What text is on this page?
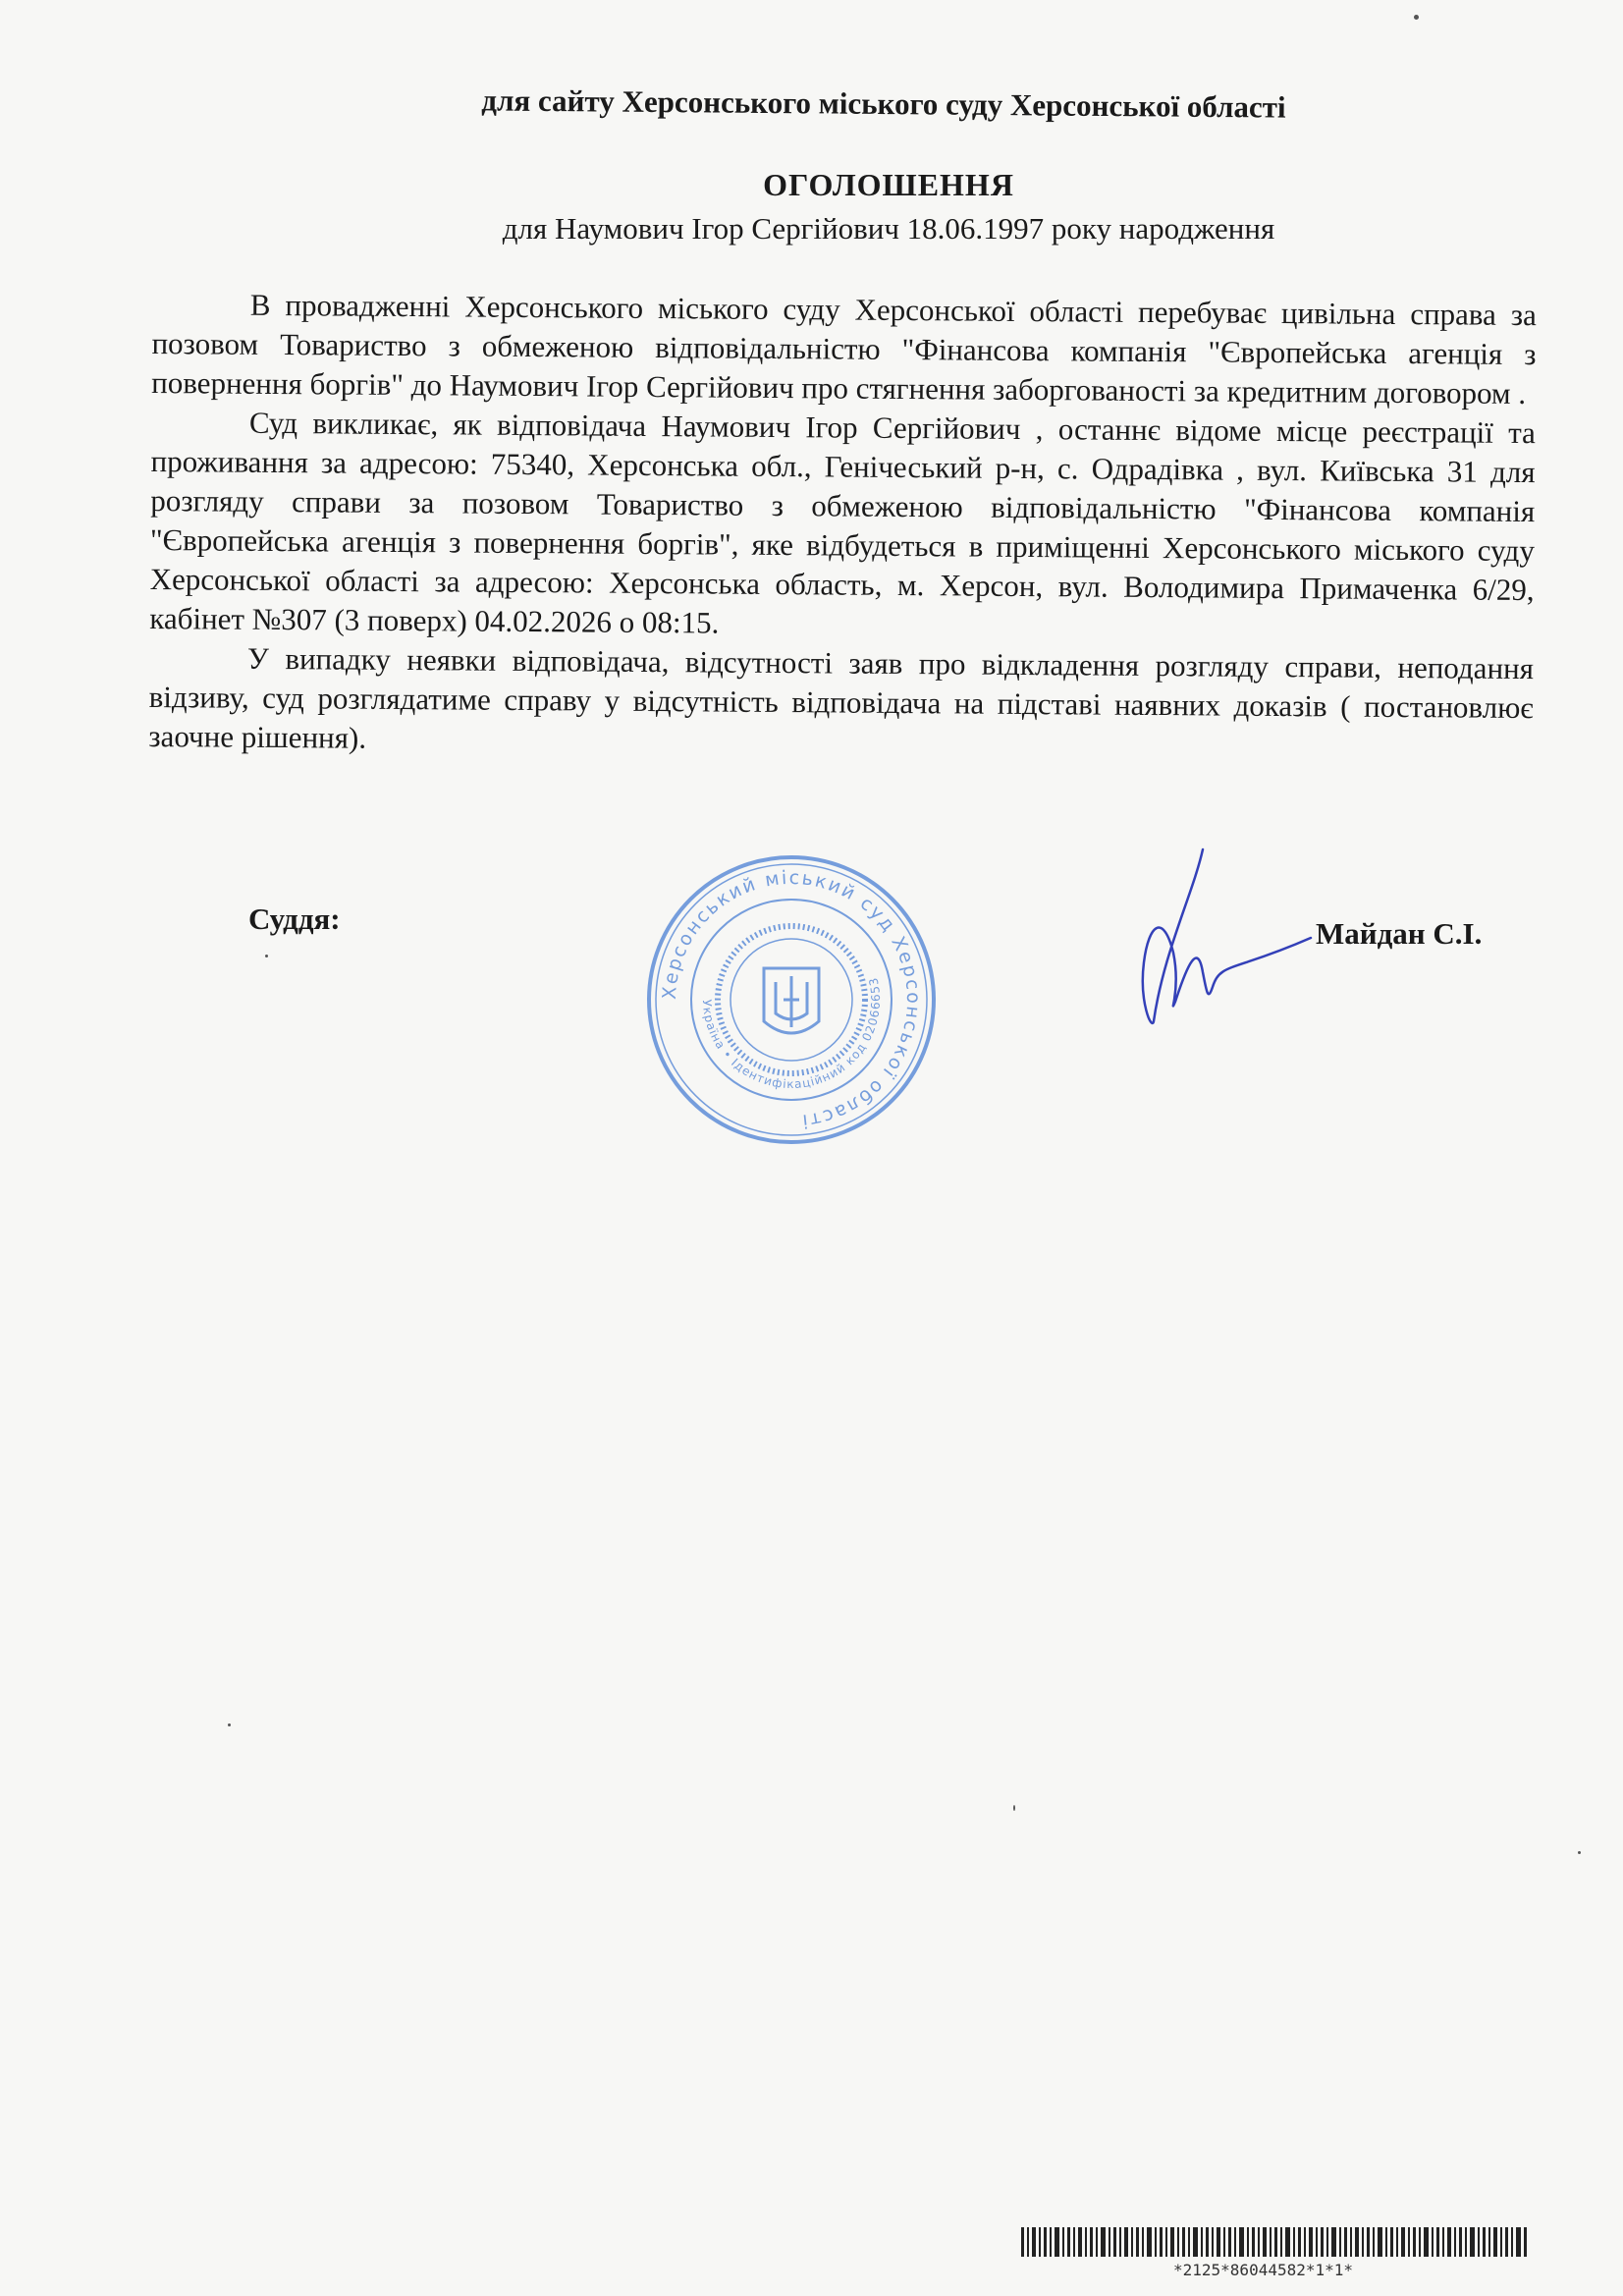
для сайту Херсонського міського суду Херсонської області
ОГОЛОШЕННЯ
для Наумович Ігор Сергійович 18.06.1997 року народження

В провадженні Херсонського міського суду Херсонської області перебуває цивільна справа за позовом Товариство з обмеженою відповідальністю "Фінансова компанія "Європейська агенція з повернення боргів" до Наумович Ігор Сергійович про стягнення заборгованості за кредитним договором .

Суд викликає, як відповідача Наумович Ігор Сергійович , останнє відоме місце реєстрації та проживання за адресою: 75340, Херсонська обл., Генічеський р-н, с. Одрадівка , вул. Київська 31 для розгляду справи за позовом Товариство з обмеженою відповідальністю "Фінансова компанія "Європейська агенція з повернення боргів", яке відбудеться в приміщенні Херсонського міського суду Херсонської області за адресою: Херсонська область, м. Херсон, вул. Володимира Примаченка 6/29, кабінет №307 (3 поверх) 04.02.2026 о 08:15.

У випадку неявки відповідача, відсутності заяв про відкладення розгляду справи, неподання відзиву, суд розглядатиме справу у відсутність відповідача на підставі наявних доказів ( постановлює заочне рішення).

Суддя:
Херсонський міський суд Херсонської області
Україна • Ідентифікаційний код 02066653
Майдан С.І.
*2125*86044582*1*1*
